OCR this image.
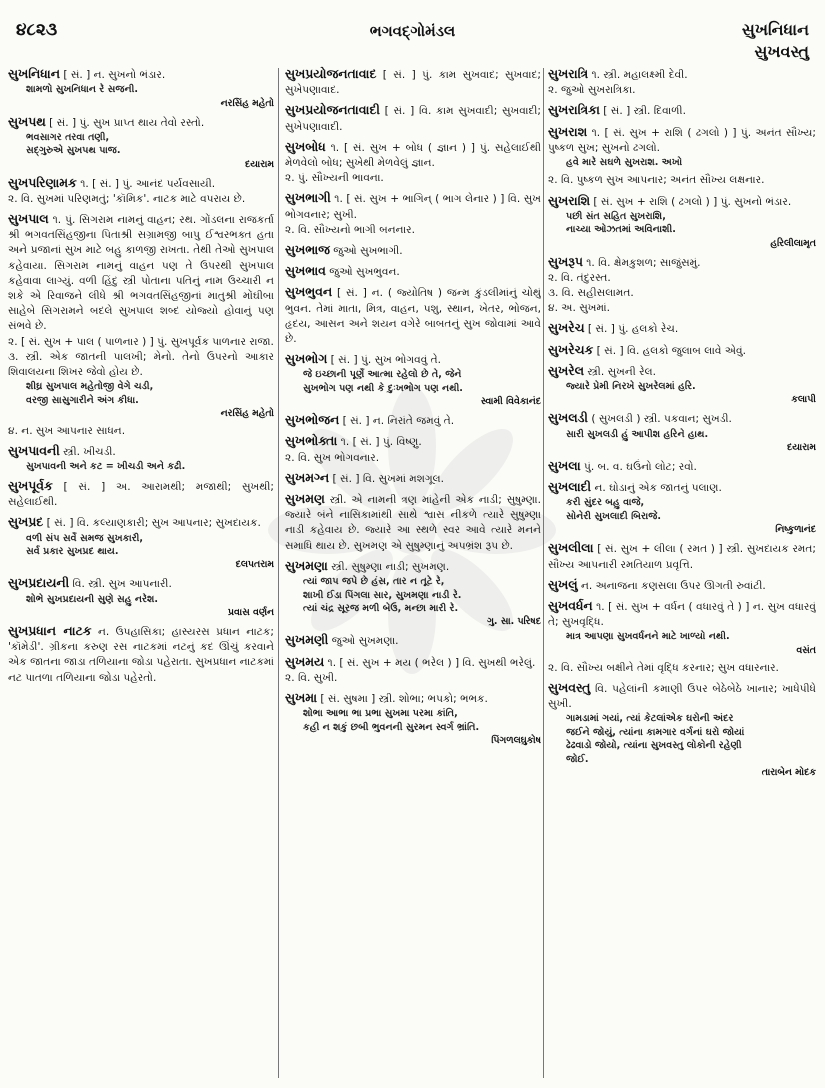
૪૮૨૩	ભગવદ્ગોમંડલ	સુખનિધાન
સુખવસ્તુ
સુખનિધાન [ સં. ] ન. સુખનો ભંડાર.
શામળો સુખનિધાન રે સજની.
નરસિંહ મહેતો
સુખપથ [ સં. ] પું. સુખ પ્રાપ્ત થાય તેવો રસ્તો.
ભવસાગર તરવા તણી,
સદ્ગુરુએ સુખપથ પાજ.
દયારામ
સુખપરિણામક ૧. [ સં. ] પું. આનંદ પર્યવસાયી.
૨. વિ. સુખમાં પરિણમતું; 'કૉમિક'. નાટક માટે વપરાય છે.
સુખપાલ ૧. પું. સિગરામ નામનું વાહન; રથ. ગોંડલના રાજકર્તા શ્રી ભગવતસિંહજીના પિતાશ્રી સગ્રામજી બાપુ ઈશ્વરભક્ત હતા અને પ્રજાનાં સુખ માટે બહુ કાળજી રાખતા. તેથી તેઓ સુખપાલ કહેવાયા. સિગરામ નામનું વાહન પણ તે ઉપરથી સુખપાલ કહેવાવા લાગ્યું. વળી હિંદુ સ્ત્રી પોતાના પતિનું નામ ઉચ્ચારી ન શકે એ રિવાજને લીધે શ્રી ભગવતસિંહજીનાં માતુશ્રી મોંઘીબા સાહેબે સિગરામને બદલે સુખપાલ શબ્દ યોજ્યો હોવાનું પણ સંભવે છે.
૨. [ સં. સુખ + પાલ ( પાળનાર ) ] પું. સુખપૂર્વક પાળનાર રાજા.
૩. સ્ત્રી. એક જાતની પાલખી; મેનો. તેનો ઉપરનો આકાર શિવાલયના શિખર જેવો હોય છે.
શીઘ્ર સુખપાલ મહેતોજી વેગે ચડી,
વરજી સાસુગારીને અંગ કીધા.
નરસિંહ મહેતો
૪. ન. સુખ આપનાર સાધન.
સુખપાવની સ્ત્રી. ખીચડી.
સુખપાવની અને કટ = ખીચડી અને કઢી.
સુખપૂર્વક [ સં. ] અ. આરામથી; મજાથી; સુખથી; સહેલાઈથી.
સુખપ્રદ [ સં. ] વિ. કલ્યાણકારી; સુખ આપનાર; સુખદાયક.
વળી સંપ સર્વે સમજ સુખકારી,
સર્વ પ્રકાર સુખપ્રદ થાય.
દલપતરામ
સુખપ્રદાયની વિ. સ્ત્રી. સુખ આપનારી.
શોભે સુખપ્રદાયની સુણે સહુ નરેશ.
પ્રવાસ વર્ણન
સુખપ્રધાન નાટક ન. ઉપહાસિકા; હાસ્યરસ પ્રધાન નાટક; 'કૉમેડી'. ગ્રીકના કરુણ રસ નાટકમાં નટનું કદ ઊંચું કરવાને એક જાતના જાડા તળિયાના જોડા પહેરાતા. સુખપ્રધાન નાટકમાં નટ પાતળા તળિયાના જોડા પહેરતો.
સુખપ્રયોજનતાવાદ [ સં. ] પું. કામ સુખવાદ; સુખવાદ; સુખેપણાવાદ.
સુખપ્રયોજનતાવાદી [ સં. ] વિ. કામ સુખવાદી; સુખવાદી; સુખેપણાવાદી.
સુખબોધ ૧. [ સં. સુખ + બોધ ( જ્ઞાન ) ] પું. સહેલાઈથી મેળવેલો બોધ; સુખેથી મેળવેલું જ્ઞાન.
૨. પું. સૌખ્યની ભાવના.
સુખભાગી ૧. [ સં. સુખ + ભાગિન્ ( ભાગ લેનાર ) ] વિ. સુખ ભોગવનાર; સુખી.
૨. વિ. સૌખ્યનો ભાગી બનનાર.
સુખભાજ જુઓ સુખભાગી.
સુખભાવ જુઓ સુખભુવન.
સુખભુવન [ સં. ] ન. ( જ્યોતિષ ) જન્મ કુંડલીમાંનું ચોથું ભુવન. તેમાં માતા, મિત્ર, વાહન, પશુ, સ્થાન, ખેતર, ભોજન, હૃદય, આસન અને શયન વગેરે બાબતનું સુખ જોવામાં આવે છે.
સુખભોગ [ સં. ] પું. સુખ ભોગવવું તે.
જે ઇચ્છાની પૂર્ણે આત્મા રહેલો છે તે, જેને
સુખભોગ પણ નથી કે દુઃખભોગ પણ નથી.
સ્વામી વિવેકાનંદ
સુખભોજન [ સં. ] ન. નિરાંતે જમવું તે.
સુખભોક્તા ૧. [ સં. ] પું. વિષ્ણુ.
૨. વિ. સુખ ભોગવનાર.
સુખમગ્ન [ સં. ] વિ. સુખમાં મશગૂલ.
સુખમણ સ્ત્રી. એ નામની ત્રણ માંહેની એક નાડી; સુષુમ્ણા. જ્યારે બંને નાસિકામાંથી સાથે શ્વાસ નીકળે ત્યારે સુષુમ્ણા નાડી કહેવાય છે. જ્યારે આ સ્થળે સ્વર આવે ત્યારે મનને સમાધિ થાય છે. સુખમણ એ સુષુમ્ણાનું અપભ્રંશ રૂપ છે.
સુખમણા સ્ત્રી. સુષુમ્ણા નાડી; સુખમણ.
ત્યાં જાપ જપે છે હંસ, તાર ન તૂટે રે,
શાખી ઈડા પિંગલા સાર, સુખમણા નાડી રે.
ત્યાં ચંદ્ર સૂરજ મળી બેઉ, મન્છા મારી રે.
ગુ. સા. પરિષદ
સુખમણી જુઓ સુખમણા.
સુખમય ૧. [ સં. સુખ + મય ( ભરેલ ) ] વિ. સુખથી ભરેલું.
૨. વિ. સુખી.
સુખમા [ સં. સુષમા ] સ્ત્રી. શોભા; ભપકો; ભભક.
શોભા આભા ભા પ્રભા સુખમા પરમા કાંતિ,
કહી ન શકું છબી ભુવનની સુરમન સ્વર્ગ ભ્રાંતિ.
પિંગળલઘુકોષ
સુખરાત્રિ ૧. સ્ત્રી. મહાલક્ષ્મી દેવી.
૨. જુઓ સુખરાત્રિકા.
સુખરાત્રિકા [ સં. ] સ્ત્રી. દિવાળી.
સુખરાશ ૧. [ સં. સુખ + રાશિ ( ઢગલો ) ] પું. અનંત સૌખ્ય; પુષ્કળ સુખ; સુખનો ઢગલો.
હવે મારે સઘળે સુખરાશ. અખો
૨. વિ. પુષ્કળ સુખ આપનાર; અનંત સૌખ્ય લક્ષનાર.
સુખરાશિ [ સં. સુખ + રાશિ ( ઢગલો ) ] પું. સુખનો ભંડાર.
પછી સંત સહિત સુખરાશિ,
નાચ્યા ઓઝતમાં અવિનાશી.
હરિલીલામૃત
સુખરૂપ ૧. વિ. ક્ષેમકુશળ; સાજુંસમું.
૨. વિ. તંદુરસ્ત.
૩. વિ. સહીસલામત.
૪. અ. સુખમાં.
સુખરેચ [ સં. ] પું. હલકો રેચ.
સુખરેચક [ સં. ] વિ. હલકો જુલાબ લાવે એવું.
સુખરેલ સ્ત્રી. સુખની રેલ.
જ્યારે પ્રેમી નિરખે સુખરેલમાં હરિ.
કલાપી
સુખલડી ( સુખલડી ) સ્ત્રી. પકવાન; સુખડી.
સારી સુખલડી હું આપીશ હરિને હાથ.
દયારામ
સુખલા પું. બ. વ. ઘઉંનો લોટ; રવો.
સુખલાદી ન. ઘોડાનું એક જાતનું પલાણ.
કરી સુંદર બહુ વાજે,
સોનેરી સુખલાદી બિરાજે.
નિષ્કુળાનંદ
સુખલીલા [ સં. સુખ + લીલા ( રમત ) ] સ્ત્રી. સુખદાયક રમત; સૌખ્ય આપનારી રમતિયાળ પ્રવૃત્તિ.
સુખલું ન. અનાજના કણસલા ઉપર ઊગતી રુવાંટી.
સુખવર્ધન ૧. [ સં. સુખ + વર્ધન ( વધારવું તે ) ] ન. સુખ વધારવું તે; સુખવૃદ્ધિ.
માત્ર આપણા સુખવર્ધનને માટે ખાળ્યો નથી.
વસંત
૨. વિ. સૌખ્ય બક્ષીને તેમાં વૃદ્ધિ કરનાર; સુખ વધારનાર.
સુખવસ્તુ વિ. પહેલાંની કમાણી ઉપર બેઠેબેઠે ખાનાર; ખાધેપીધે સુખી.
ગામડામાં ગયાં, ત્યાં કેટલાંએક ઘરોની અંદર
જઈને જોયું, ત્યાંના કામગાર વર્ગનાં ઘરો જોયાં
ઢેઢવાડો જોયો, ત્યાંના સુખવસ્તુ લોકોની રહેણી
જોઈ.
તારાબેન મોદક
